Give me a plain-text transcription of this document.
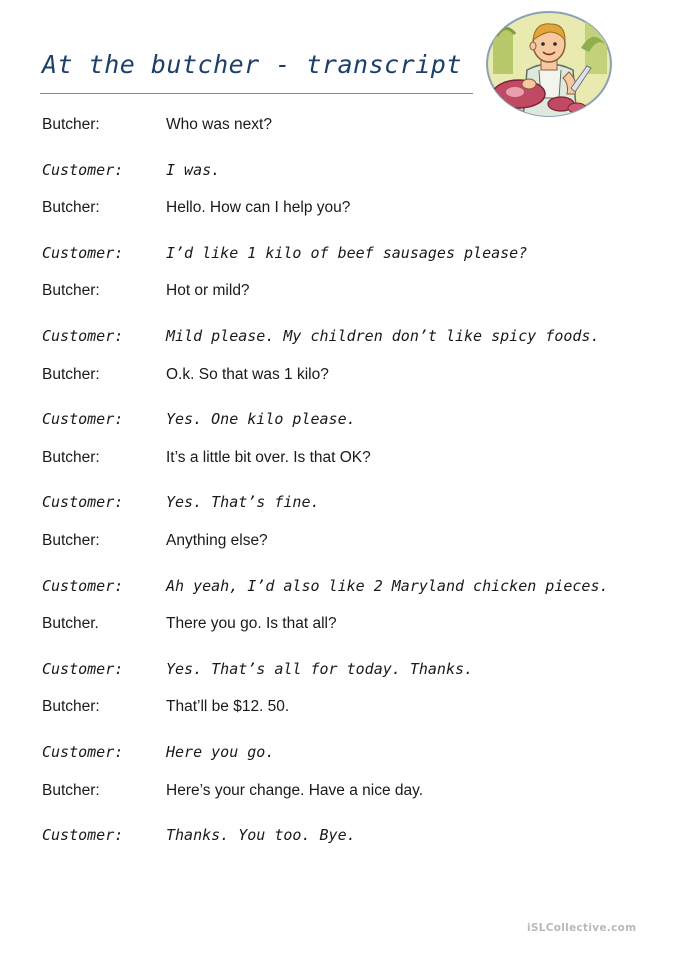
At the butcher - transcript
Butcher:	Who was next?
Customer:	I was.
Butcher:	Hello. How can I help you?
Customer:	I’d like 1 kilo of beef sausages please?
Butcher:	Hot or mild?
Customer:	Mild please. My children don’t like spicy foods.
Butcher:	O.k. So that was 1 kilo?
Customer:	Yes. One kilo please.
Butcher:	It’s a little bit over. Is that OK?
Customer:	Yes. That’s fine.
Butcher:	Anything else?
Customer:	Ah yeah, I’d also like 2 Maryland chicken pieces.
Butcher.	There you go. Is that all?
Customer:	Yes. That’s all for today. Thanks.
Butcher:	That’ll be $12. 50.
Customer:	Here you go.
Butcher:	Here’s your change. Have a nice day.
Customer:	Thanks. You too. Bye.
iSLCollective.com
